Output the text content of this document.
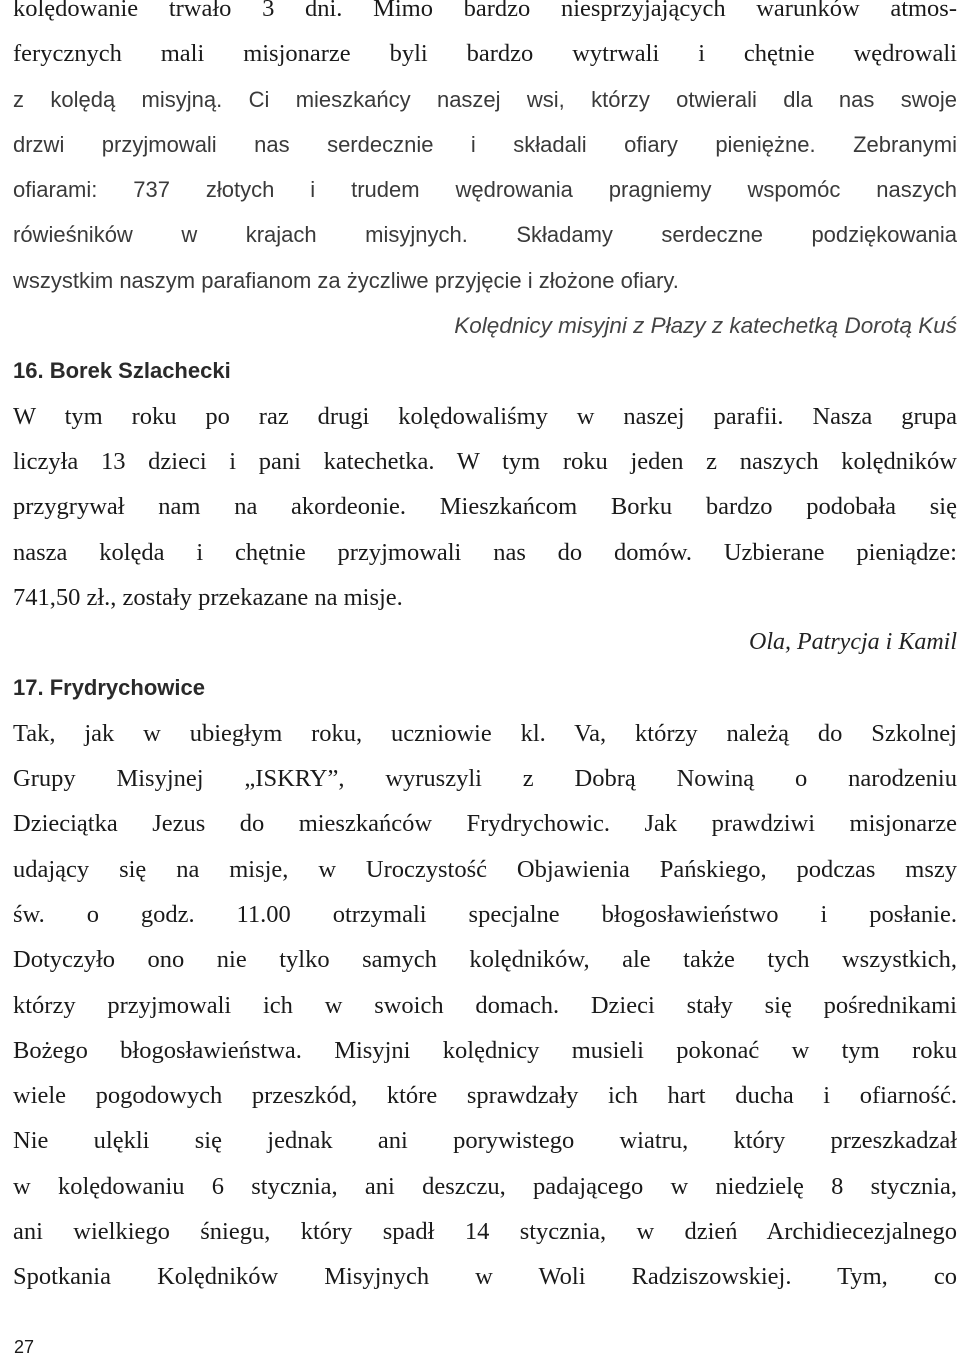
kolędowanie trwało 3 dni. Mimo bardzo niesprzyjających warunków atmos-
ferycznych mali misjonarze byli bardzo wytrwali i chętnie wędrowali
z kolędą misyjną. Ci mieszkańcy naszej wsi, którzy otwierali dla nas swoje
drzwi przyjmowali nas serdecznie i składali ofiary pieniężne. Zebranymi
ofiarami: 737 złotych i trudem wędrowania pragniemy wspomóc naszych
rówieśników w krajach misyjnych. Składamy serdeczne podziękowania
wszystkim naszym parafianom za życzliwe przyjęcie i złożone ofiary.
Kolędnicy misyjni z Płazy z katechetką Dorotą Kuś
16. Borek Szlachecki
W tym roku po raz drugi kolędowaliśmy w naszej parafii. Nasza grupa
liczyła 13 dzieci i pani katechetka. W tym roku jeden z naszych kolędników
przygrywał nam na akordeonie. Mieszkańcom Borku bardzo podobała się
nasza kolęda i chętnie przyjmowali nas do domów. Uzbierane pieniądze:
741,50 zł., zostały przekazane na misje.
Ola, Patrycja i Kamil
17. Frydrychowice
Tak, jak w ubiegłym roku, uczniowie kl. Va, którzy należą do Szkolnej
Grupy Misyjnej „ISKRY”, wyruszyli z Dobrą Nowiną o narodzeniu
Dzieciątka Jezus do mieszkańców Frydrychowic. Jak prawdziwi misjonarze
udający się na misje, w Uroczystość Objawienia Pańskiego, podczas mszy
św. o godz. 11.00 otrzymali specjalne błogosławieństwo i posłanie.
Dotyczyło ono nie tylko samych kolędników, ale także tych wszystkich,
którzy przyjmowali ich w swoich domach. Dzieci stały się pośrednikami
Bożego błogosławieństwa. Misyjni kolędnicy musieli pokonać w tym roku
wiele pogodowych przeszkód, które sprawdzały ich hart ducha i ofiarność.
Nie ulękli się jednak ani porywistego wiatru, który przeszkadzał
w kolędowaniu 6 stycznia, ani deszczu, padającego w niedzielę 8 stycznia,
ani wielkiego śniegu, który spadł 14 stycznia, w dzień Archidiecezjalnego
Spotkania Kolędników Misyjnych w Woli Radziszowskiej. Tym, co
27
